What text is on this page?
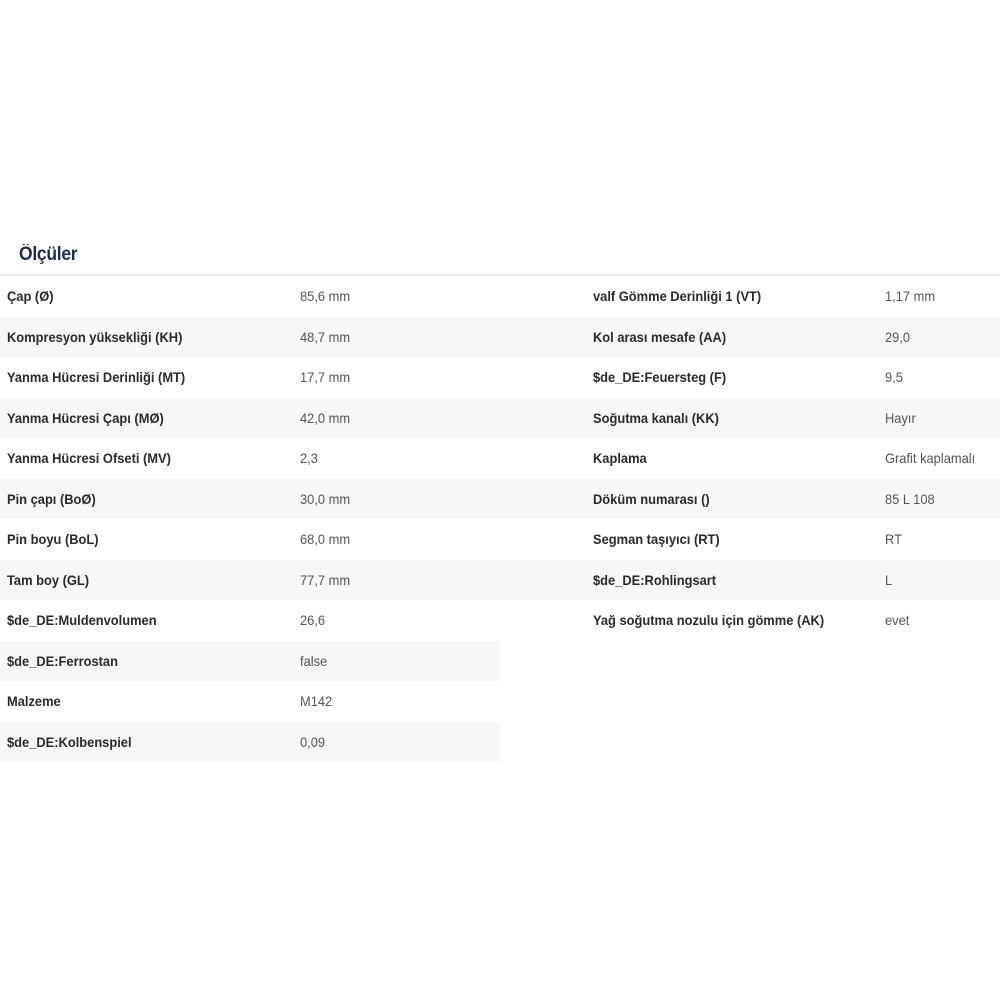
Ölçüler
Çap (Ø)	85,6 mm
Kompresyon yüksekliği (KH)	48,7 mm
Yanma Hücresi Derinliği (MT)	17,7 mm
Yanma Hücresi Çapı (MØ)	42,0 mm
Yanma Hücresi Ofseti (MV)	2,3
Pin çapı (BoØ)	30,0 mm
Pin boyu (BoL)	68,0 mm
Tam boy (GL)	77,7 mm
$de_DE:Muldenvolumen	26,6
$de_DE:Ferrostan	false
Malzeme	M142
$de_DE:Kolbenspiel	0,09
valf Gömme Derinliği 1 (VT)	1,17 mm
Kol arası mesafe (AA)	29,0
$de_DE:Feuersteg (F)	9,5
Soğutma kanalı (KK)	Hayır
Kaplama	Grafit kaplamalı
Döküm numarası ()	85 L 108
Segman taşıyıcı (RT)	RT
$de_DE:Rohlingsart	L
Yağ soğutma nozulu için gömme (AK)	evet
